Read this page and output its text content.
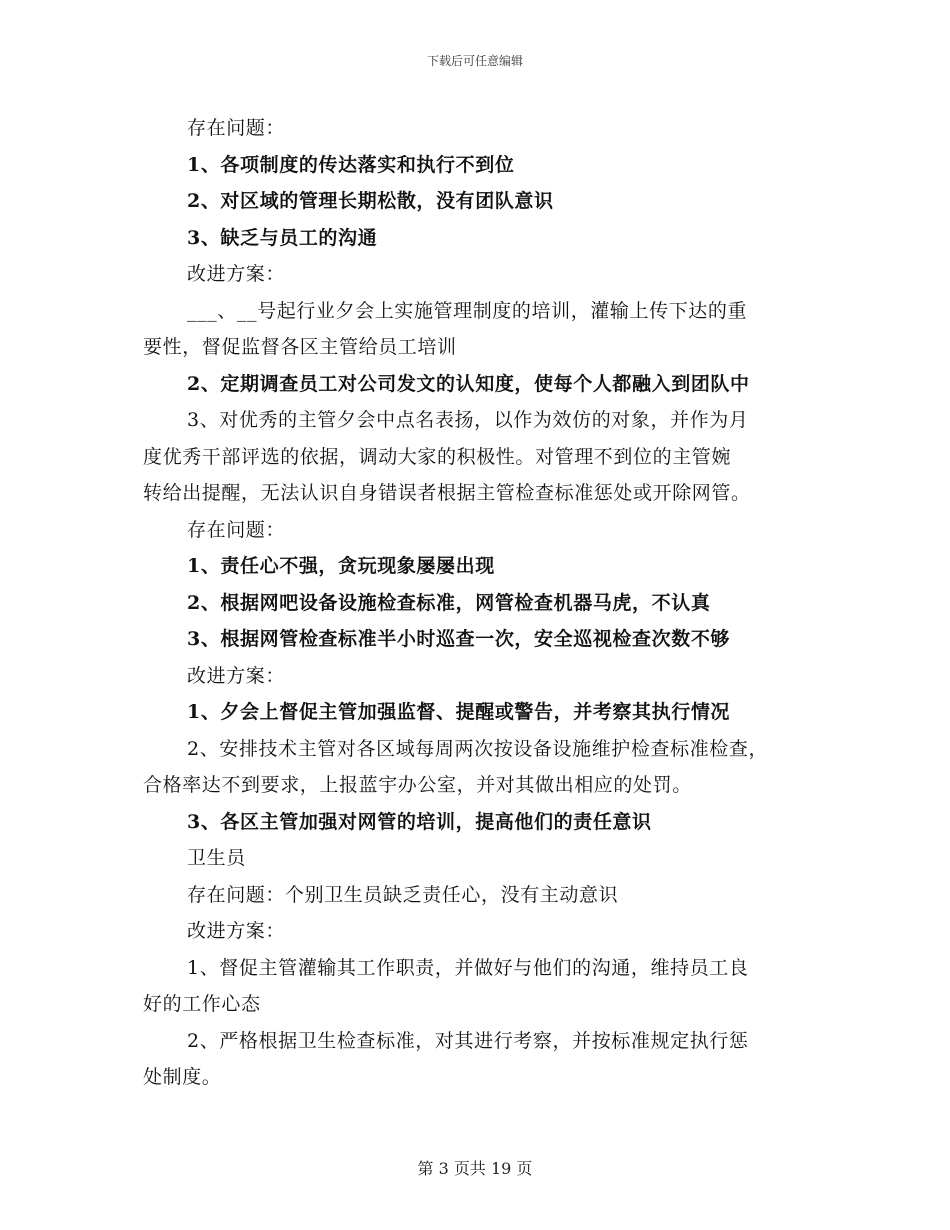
下载后可任意编辑
存在问题：
1、各项制度的传达落实和执行不到位
2、对区域的管理长期松散，没有团队意识
3、缺乏与员工的沟通
改进方案：
___、__号起行业夕会上实施管理制度的培训，灌输上传下达的重
要性，督促监督各区主管给员工培训
2、定期调查员工对公司发文的认知度，使每个人都融入到团队中
3、对优秀的主管夕会中点名表扬，以作为效仿的对象，并作为月
度优秀干部评选的依据，调动大家的积极性。对管理不到位的主管婉
转给出提醒，无法认识自身错误者根据主管检查标准惩处或开除网管。
存在问题：
1、责任心不强，贪玩现象屡屡出现
2、根据网吧设备设施检查标准，网管检查机器马虎，不认真
3、根据网管检查标准半小时巡查一次，安全巡视检查次数不够
改进方案：
1、夕会上督促主管加强监督、提醒或警告，并考察其执行情况
2、安排技术主管对各区域每周两次按设备设施维护检查标准检查，
合格率达不到要求，上报蓝宇办公室，并对其做出相应的处罚。
3、各区主管加强对网管的培训，提高他们的责任意识
卫生员
存在问题：个别卫生员缺乏责任心，没有主动意识
改进方案：
1、督促主管灌输其工作职责，并做好与他们的沟通，维持员工良
好的工作心态
2、严格根据卫生检查标准，对其进行考察，并按标准规定执行惩
处制度。
第 3 页共 19 页
